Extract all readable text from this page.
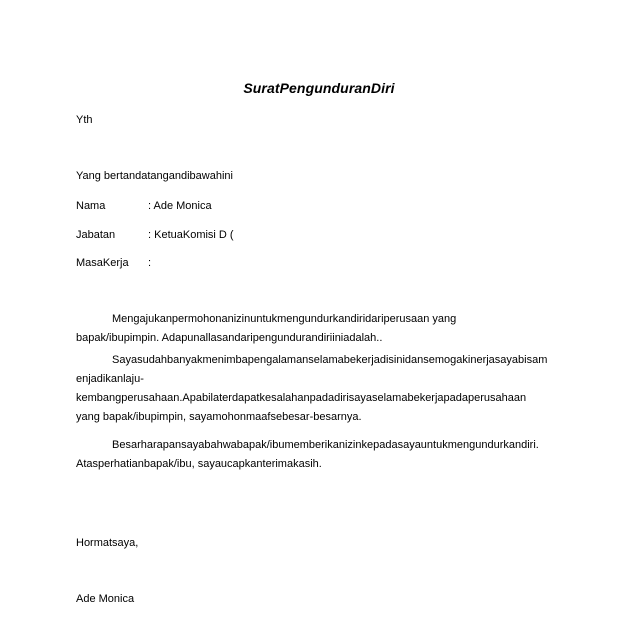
SuratPengunduranDiri
Yth
Yang bertandatangandibawahini
Nama	: Ade Monica
Jabatan	: KetuaKomisi D (
MasaKerja :
Mengajukanpermohonanizinuntukmengundurkandiridariperusaan yang
bapak/ibupimpin. Adapunallasandaripengundurandiriiniadalah..
Sayasudahbanyakmenimbapengalamanselamabekerjadisinidansemogakinerjasayabisam
enjadikanlaju-
kembangperusahaan.Apabilaterdapatkesalahanpadadirisayaselamabekerjapadaperusahaan
yang bapak/ibupimpin, sayamohonmaafsebesar-besarnya.
Besarharapansayabahwabapak/ibumemberikanizinkepadasayauntukmengundurkandiri.
Atasperhatianbapak/ibu, sayaucapkanterimakasih.
Hormatsaya,
Ade Monica
